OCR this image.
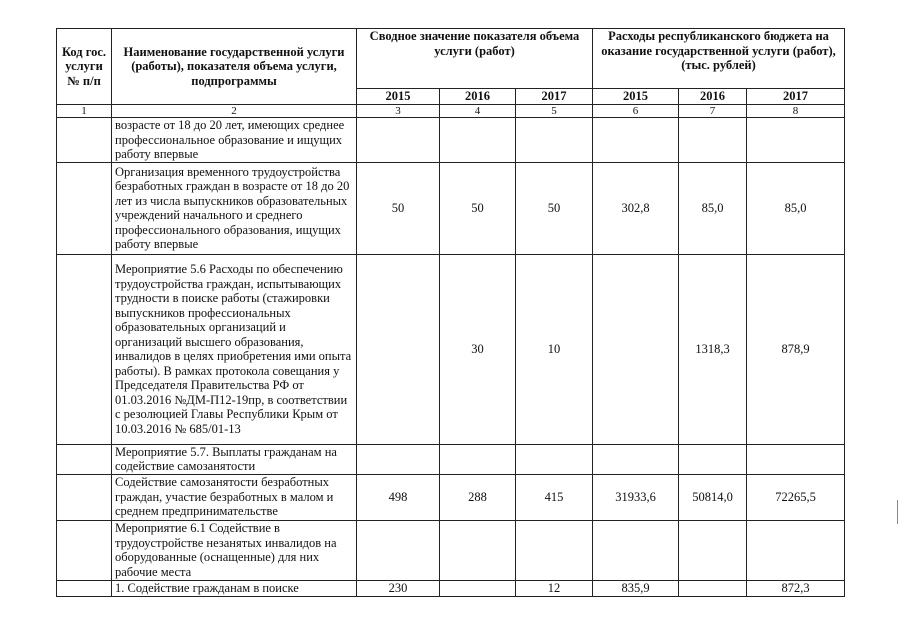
Код гос. услуги № п/п	Наименование государственной услуги (работы), показателя объема услуги, подпрограммы	Сводное значение показателя объема услуги (работ)			Расходы республиканского бюджета на оказание государственной услуги (работ), (тыс. рублей)		
		2015	2016	2017	2015	2016	2017
1	2	3	4	5	6	7	8
	возрасте от 18 до 20 лет, имеющих среднее профессиональное образование и ищущих работу впервые						
	Организация временного трудоустройства безработных граждан в возрасте от 18 до 20 лет из числа выпускников образовательных учреждений начального и среднего профессионального образования, ищущих работу впервые	50	50	50	302,8	85,0	85,0
	Мероприятие 5.6 Расходы по обеспечению трудоустройства граждан, испытывающих трудности в поиске работы (стажировки выпускников профессиональных образовательных организаций и организаций высшего образования, инвалидов в целях приобретения ими опыта работы). В рамках протокола совещания у Председателя Правительства РФ от 01.03.2016 №ДМ-П12-19пр, в соответствии с резолюцией Главы Республики Крым от 10.03.2016 № 685/01-13		30	10		1318,3	878,9
	Мероприятие 5.7. Выплаты гражданам на содействие самозанятости						
	Содействие самозанятости безработных граждан, участие безработных в малом и среднем предпринимательстве	498	288	415	31933,6	50814,0	72265,5
	Мероприятие 6.1 Содействие в трудоустройстве незанятых инвалидов на оборудованные (оснащенные) для них рабочие места						
	1. Содействие гражданам в поиске	230		12	835,9		872,3
